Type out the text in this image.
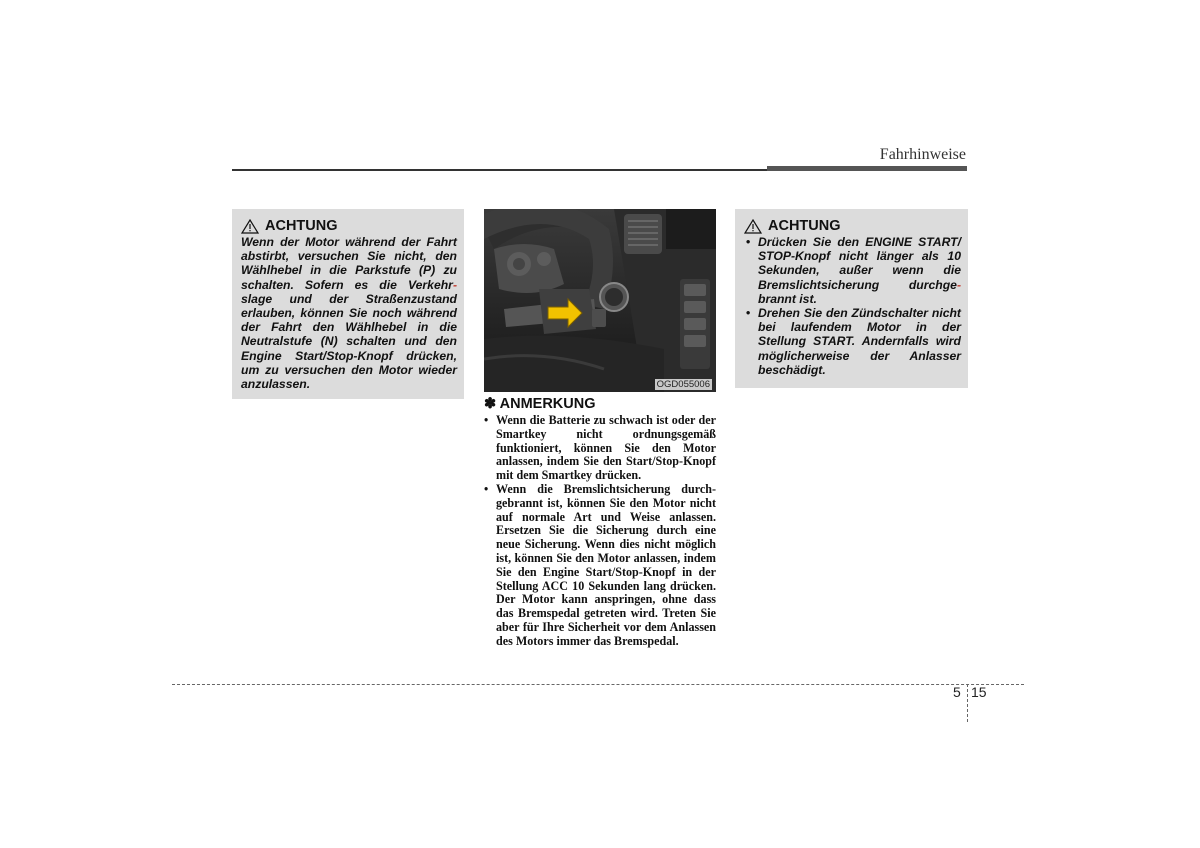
Fahrhinweise
ACHTUNG
Wenn der Motor während der Fahrt abstirbt, versuchen Sie nicht, den Wählhebel in die Parkstufe (P) zu schalten. Sofern es die Verkehr-slage und der Straßenzustand erlauben, können Sie noch während der Fahrt den Wählhebel in die Neutralstufe (N) schalten und den Engine Start/Stop-Knopf drücken, um zu versuchen den Motor wieder anzulassen.	OGD055006
✽ ANMERKUNG
• Wenn die Batterie zu schwach ist oder der Smartkey nicht ordnungsgemäß funktioniert, können Sie den Motor anlassen, indem Sie den Start/Stop-Knopf mit dem Smartkey drücken.
• Wenn die Bremslichtsicherung durch-gebrannt ist, können Sie den Motor nicht auf normale Art und Weise anlassen. Ersetzen Sie die Sicherung durch eine neue Sicherung. Wenn dies nicht möglich ist, können Sie den Motor anlassen, indem Sie den Engine Start/Stop-Knopf in der Stellung ACC 10 Sekunden lang drücken. Der Motor kann anspringen, ohne dass das Bremspedal getreten wird. Treten Sie aber für Ihre Sicherheit vor dem Anlassen des Motors immer das Bremspedal.
ACHTUNG
• Drücken Sie den ENGINE START/ STOP-Knopf nicht länger als 10 Sekunden, außer wenn die Bremslichtsicherung durchge-brannt ist.
• Drehen Sie den Zündschalter nicht bei laufendem Motor in der Stellung START. Andernfalls wird möglicherweise der Anlasser beschädigt.
5 15
